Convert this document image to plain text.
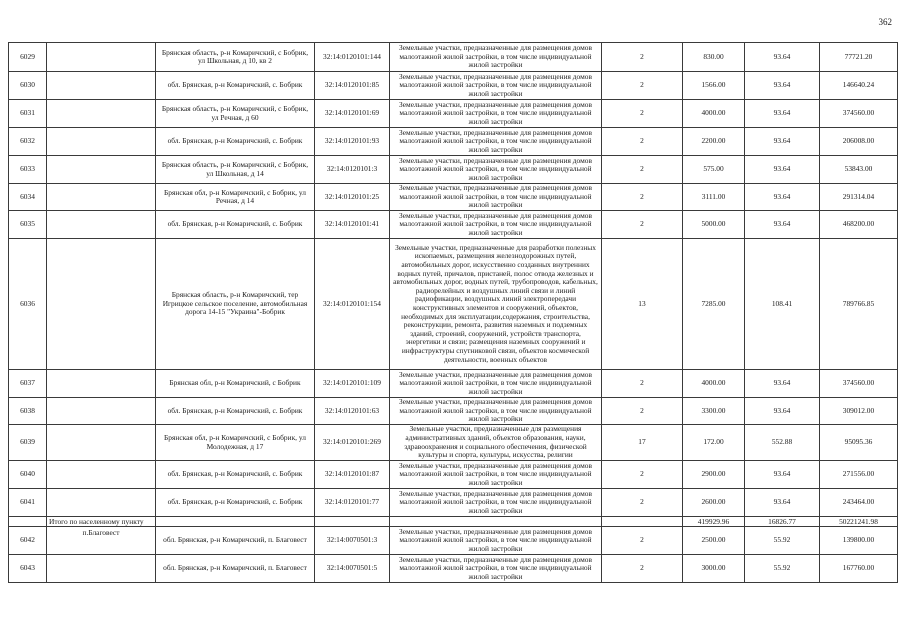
362
6029		Брянская область, р-н Комаричский, с Бобрик, ул Школьная, д 10, кв 2	32:14:0120101:144	Земельные участки, предназначенные для размещения домов малоэтажной жилой застройки, в том числе индивидуальной жилой застройки	2	830.00	93.64	77721.20
6030		обл. Брянская, р-н Комаричский, с. Бобрик	32:14:0120101:85	Земельные участки, предназначенные для размещения домов малоэтажной жилой застройки, в том числе индивидуальной жилой застройки	2	1566.00	93.64	146640.24
6031		Брянская область, р-н Комаричский, с Бобрик, ул Речная, д 60	32:14:0120101:69	Земельные участки, предназначенные для размещения домов малоэтажной жилой застройки, в том числе индивидуальной жилой застройки	2	4000.00	93.64	374560.00
6032		обл. Брянская, р-н Комаричский, с. Бобрик	32:14:0120101:93	Земельные участки, предназначенные для размещения домов малоэтажной жилой застройки, в том числе индивидуальной жилой застройки	2	2200.00	93.64	206008.00
6033		Брянская область, р-н Комаричский, с Бобрик, ул Школьная, д 14	32:14:0120101:3	Земельные участки, предназначенные для размещения домов малоэтажной жилой застройки, в том числе индивидуальной жилой застройки	2	575.00	93.64	53843.00
6034		Брянская обл, р-н Комаричский, с Бобрик, ул Речная, д 14	32:14:0120101:25	Земельные участки, предназначенные для размещения домов малоэтажной жилой застройки, в том числе индивидуальной жилой застройки	2	3111.00	93.64	291314.04
6035		обл. Брянская, р-н Комаричский, с. Бобрик	32:14:0120101:41	Земельные участки, предназначенные для размещения домов малоэтажной жилой застройки, в том числе индивидуальной жилой застройки	2	5000.00	93.64	468200.00
6036		Брянская область, р-н Комаричский, тер Игрицкое сельское поселение, автомобильная дорога 14-15 "Украина"-Бобрик	32:14:0120101:154	Земельные участки, предназначенные для разработки полезных ископаемых, размещения железнодорожных путей, автомобильных дорог, искусственно созданных внутренних водных путей, причалов, пристаней, полос отвода железных и автомобильных дорог, водных путей, трубопроводов, кабельных, радиорелейных и воздушных линий связи и линий радиофикации, воздушных линий электропередачи конструктивных элементов и сооружений, объектов, необходимых для эксплуатации,содержания, строительства, реконструкции, ремонта, развития наземных и подземных зданий, строений, сооружений, устройств транспорта, энергетики и связи; размещения наземных сооружений и инфраструктуры спутниковой связи, объектов космической деятельности, военных объектов	13	7285.00	108.41	789766.85
6037		Брянская обл, р-н Комаричский, с Бобрик	32:14:0120101:109	Земельные участки, предназначенные для размещения домов малоэтажной жилой застройки, в том числе индивидуальной жилой застройки	2	4000.00	93.64	374560.00
6038		обл. Брянская, р-н Комаричский, с. Бобрик	32:14:0120101:63	Земельные участки, предназначенные для размещения домов малоэтажной жилой застройки, в том числе индивидуальной жилой застройки	2	3300.00	93.64	309012.00
6039		Брянская обл, р-н Комаричский, с Бобрик, ул Молодежная, д 17	32:14:0120101:269	Земельные участки, предназначенные для размещения административных зданий, объектов образования, науки, здравоохранения и социального обеспечения, физической культуры и спорта, культуры, искусства, религии	17	172.00	552.88	95095.36
6040		обл. Брянская, р-н Комаричский, с. Бобрик	32:14:0120101:87	Земельные участки, предназначенные для размещения домов малоэтажной жилой застройки, в том числе индивидуальной жилой застройки	2	2900.00	93.64	271556.00
6041		обл. Брянская, р-н Комаричский, с. Бобрик	32:14:0120101:77	Земельные участки, предназначенные для размещения домов малоэтажной жилой застройки, в том числе индивидуальной жилой застройки	2	2600.00	93.64	243464.00
	Итого по населенному пункту					419929.96	16826.77	50221241.98
6042	п.Благовест	обл. Брянская, р-н Комаричский, п. Благовест	32:14:0070501:3	Земельные участки, предназначенные для размещения домов малоэтажной жилой застройки, в том числе индивидуальной жилой застройки	2	2500.00	55.92	139800.00
6043		обл. Брянская, р-н Комаричский, п. Благовест	32:14:0070501:5	Земельные участки, предназначенные для размещения домов малоэтажной жилой застройки, в том числе индивидуальной жилой застройки	2	3000.00	55.92	167760.00
